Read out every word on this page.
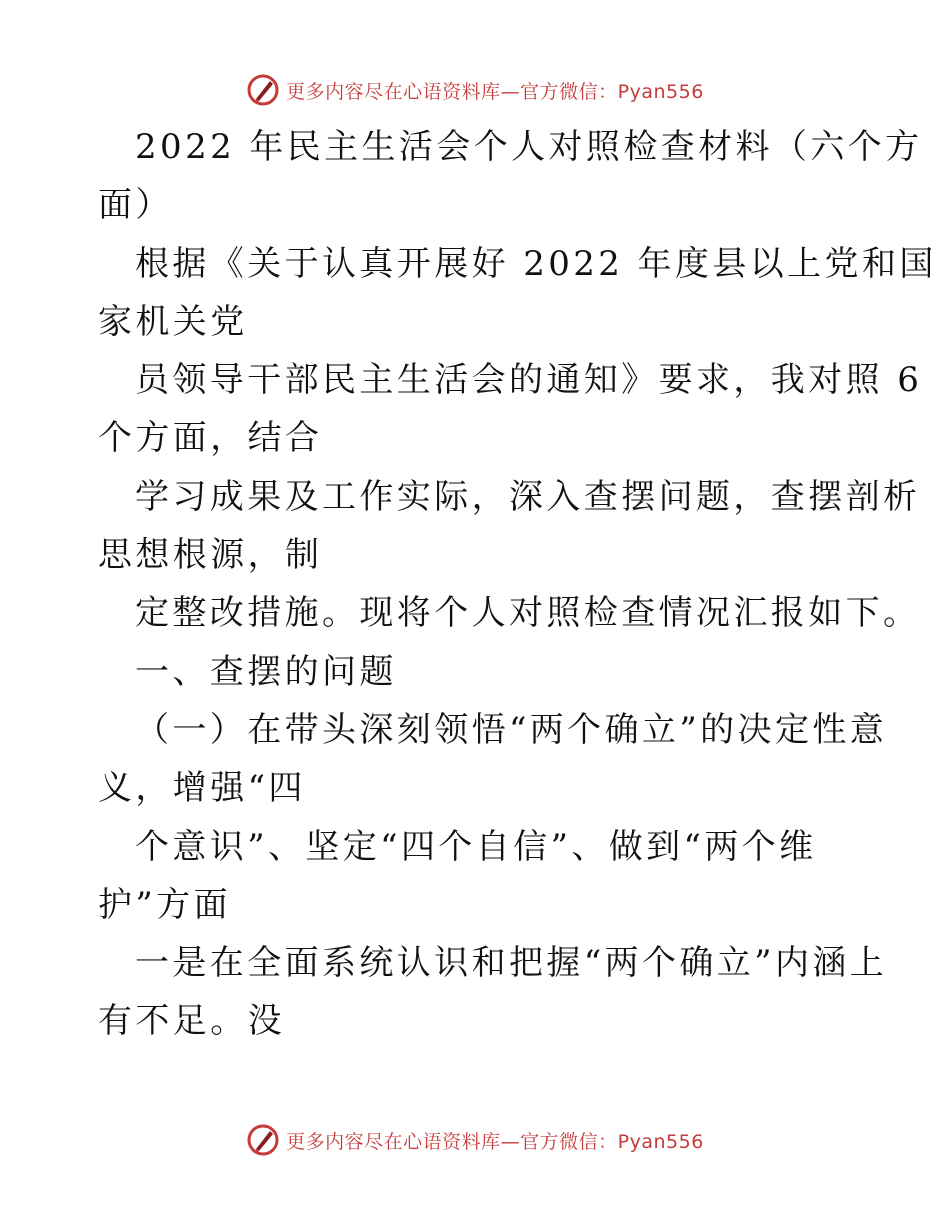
更多内容尽在心语资料库—官方微信：Pyan556
2022 年民主生活会个人对照检查材料（六个方
面）
根据《关于认真开展好 2022 年度县以上党和国
家机关党
员领导干部民主生活会的通知》要求，我对照 6
个方面，结合
学习成果及工作实际，深入查摆问题，查摆剖析
思想根源，制
定整改措施。现将个人对照检查情况汇报如下。
一、查摆的问题
（一）在带头深刻领悟“两个确立”的决定性意
义，增强“四
个意识”、坚定“四个自信”、做到“两个维
护”方面
一是在全面系统认识和把握“两个确立”内涵上
有不足。没
更多内容尽在心语资料库—官方微信：Pyan556
